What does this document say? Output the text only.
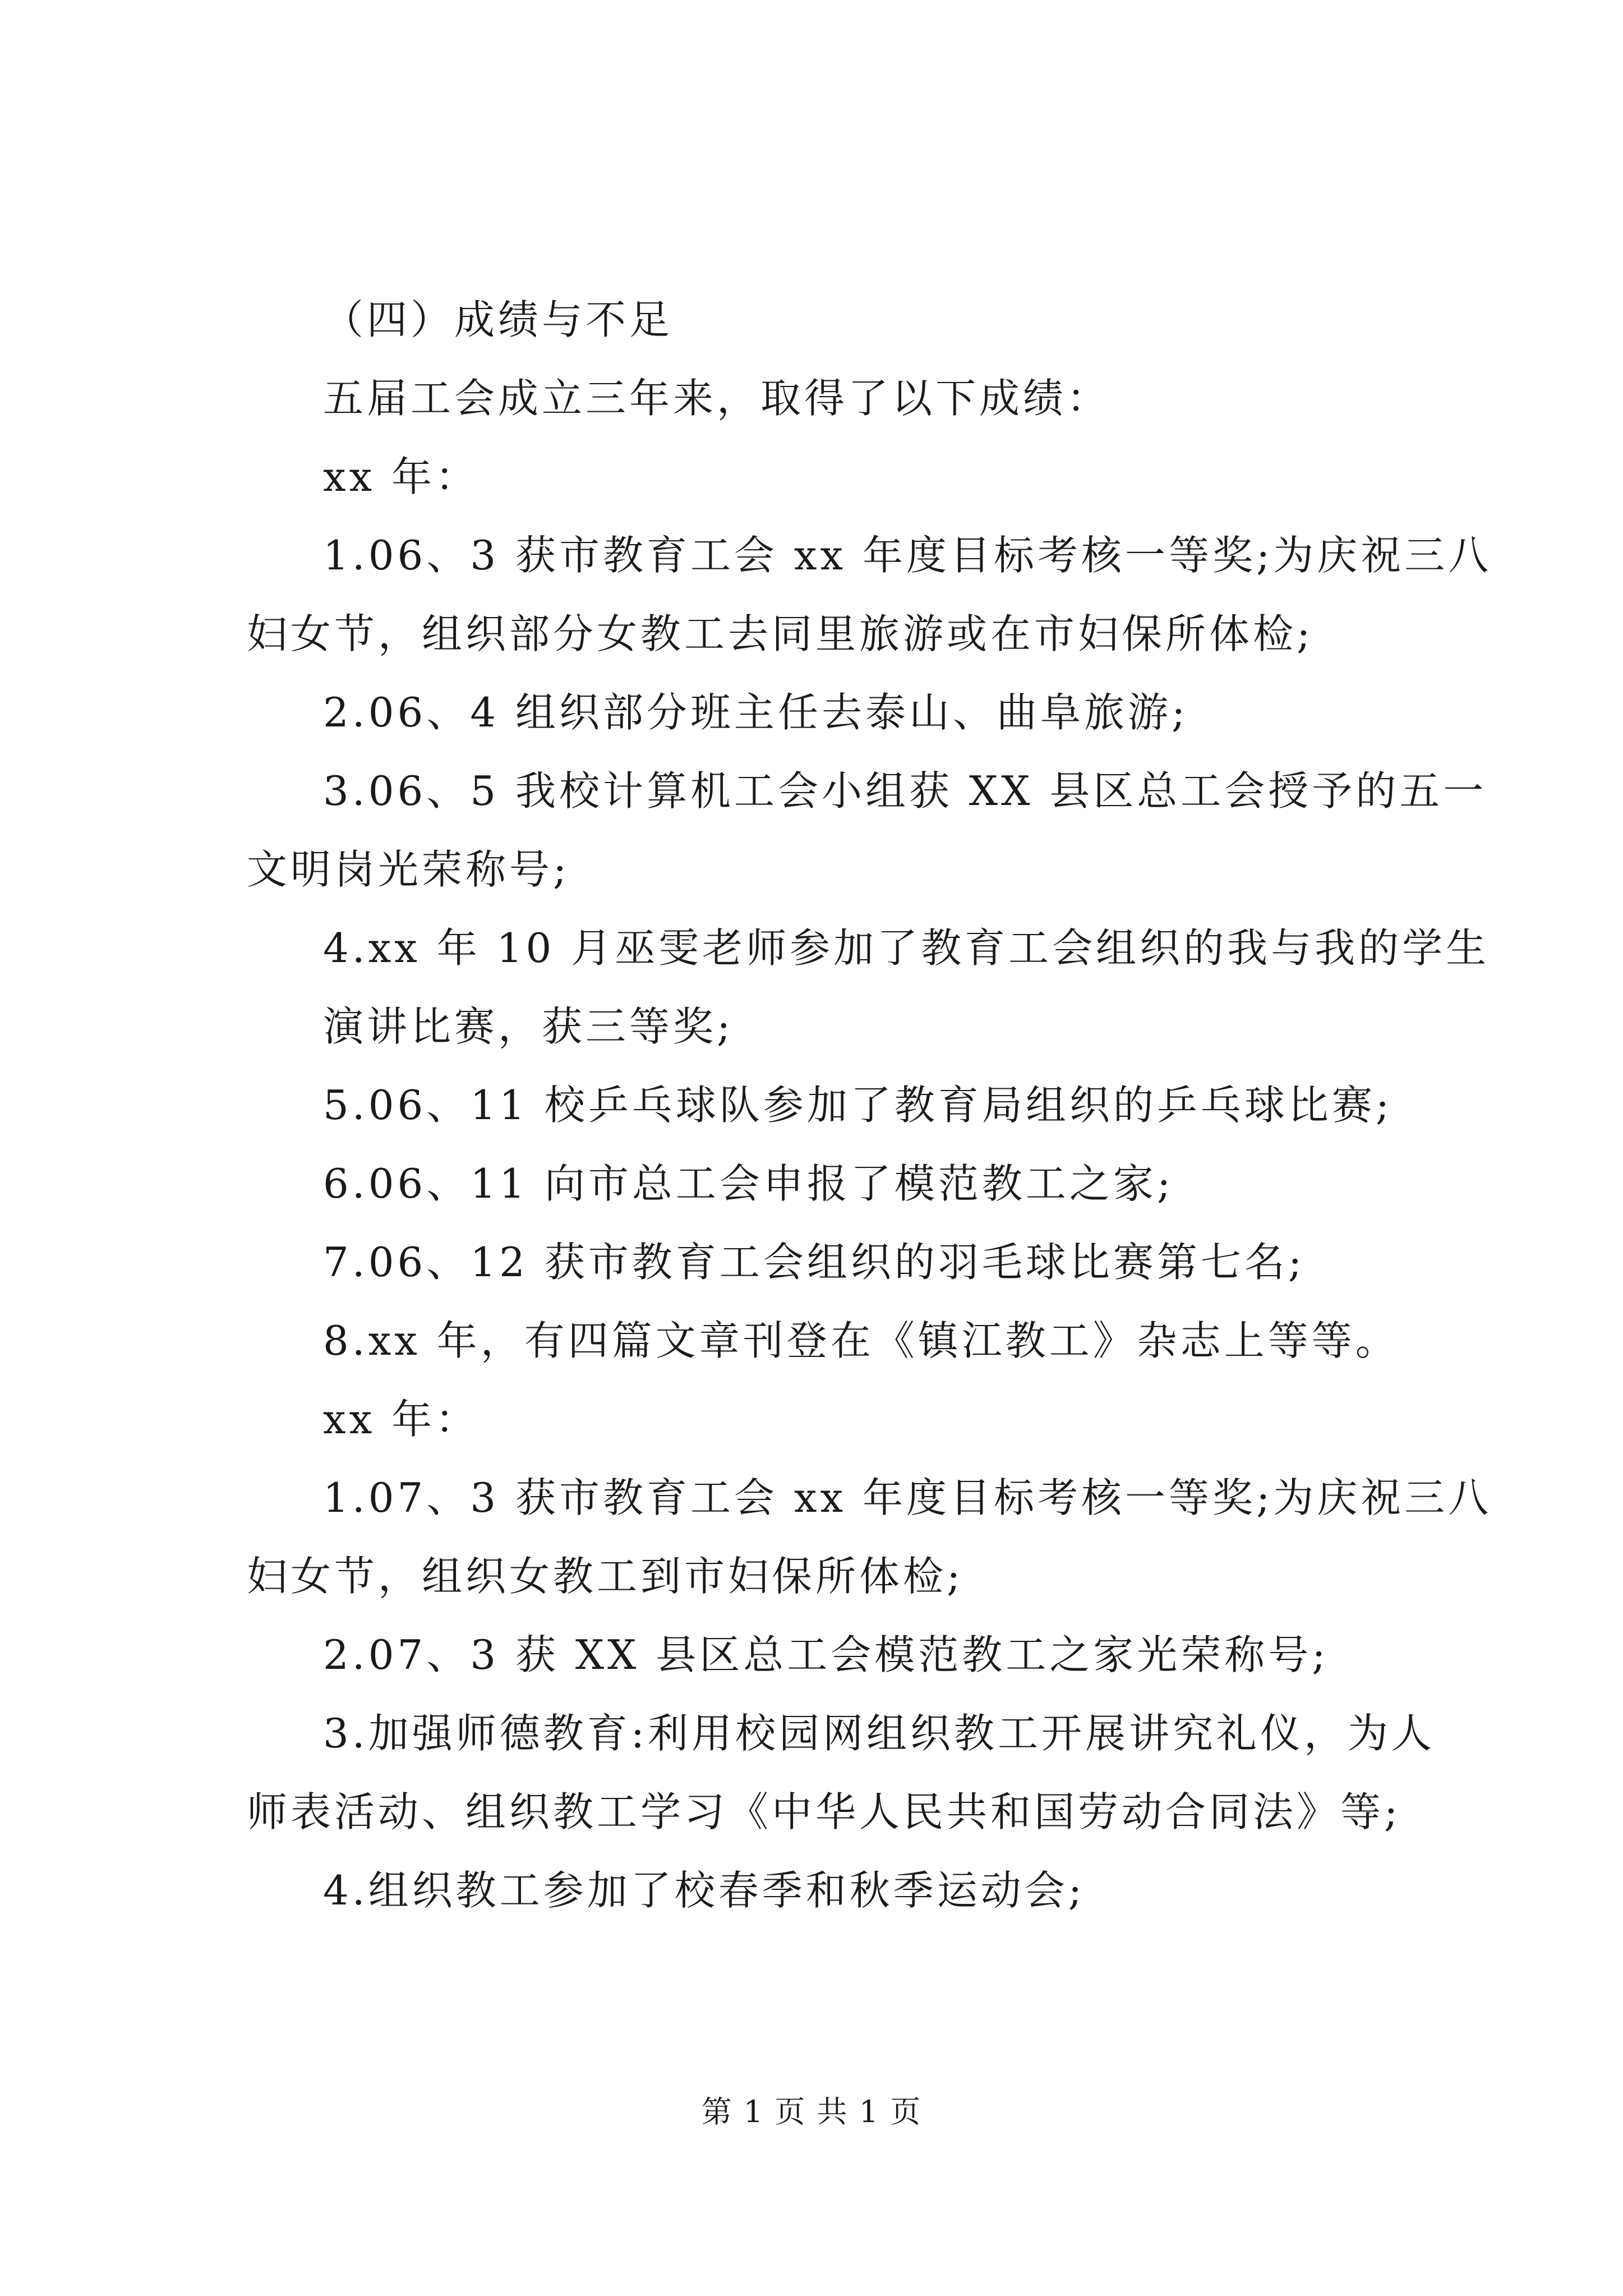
（四）成绩与不足

五届工会成立三年来，取得了以下成绩：

xx 年：

1.06、3 获市教育工会 xx 年度目标考核一等奖;为庆祝三八

妇女节，组织部分女教工去同里旅游或在市妇保所体检;

2.06、4 组织部分班主任去泰山、曲阜旅游;

3.06、5 我校计算机工会小组获 XX 县区总工会授予的五一

文明岗光荣称号;

4.xx 年 10 月巫雯老师参加了教育工会组织的我与我的学生

演讲比赛，获三等奖;

5.06、11 校乒乓球队参加了教育局组织的乒乓球比赛;

6.06、11 向市总工会申报了模范教工之家;

7.06、12 获市教育工会组织的羽毛球比赛第七名;

8.xx 年，有四篇文章刊登在《镇江教工》杂志上等等。

xx 年：

1.07、3 获市教育工会 xx 年度目标考核一等奖;为庆祝三八

妇女节，组织女教工到市妇保所体检;

2.07、3 获 XX 县区总工会模范教工之家光荣称号;

3.加强师德教育:利用校园网组织教工开展讲究礼仪，为人

师表活动、组织教工学习《中华人民共和国劳动合同法》等;

4.组织教工参加了校春季和秋季运动会;

第 1 页 共 1 页
